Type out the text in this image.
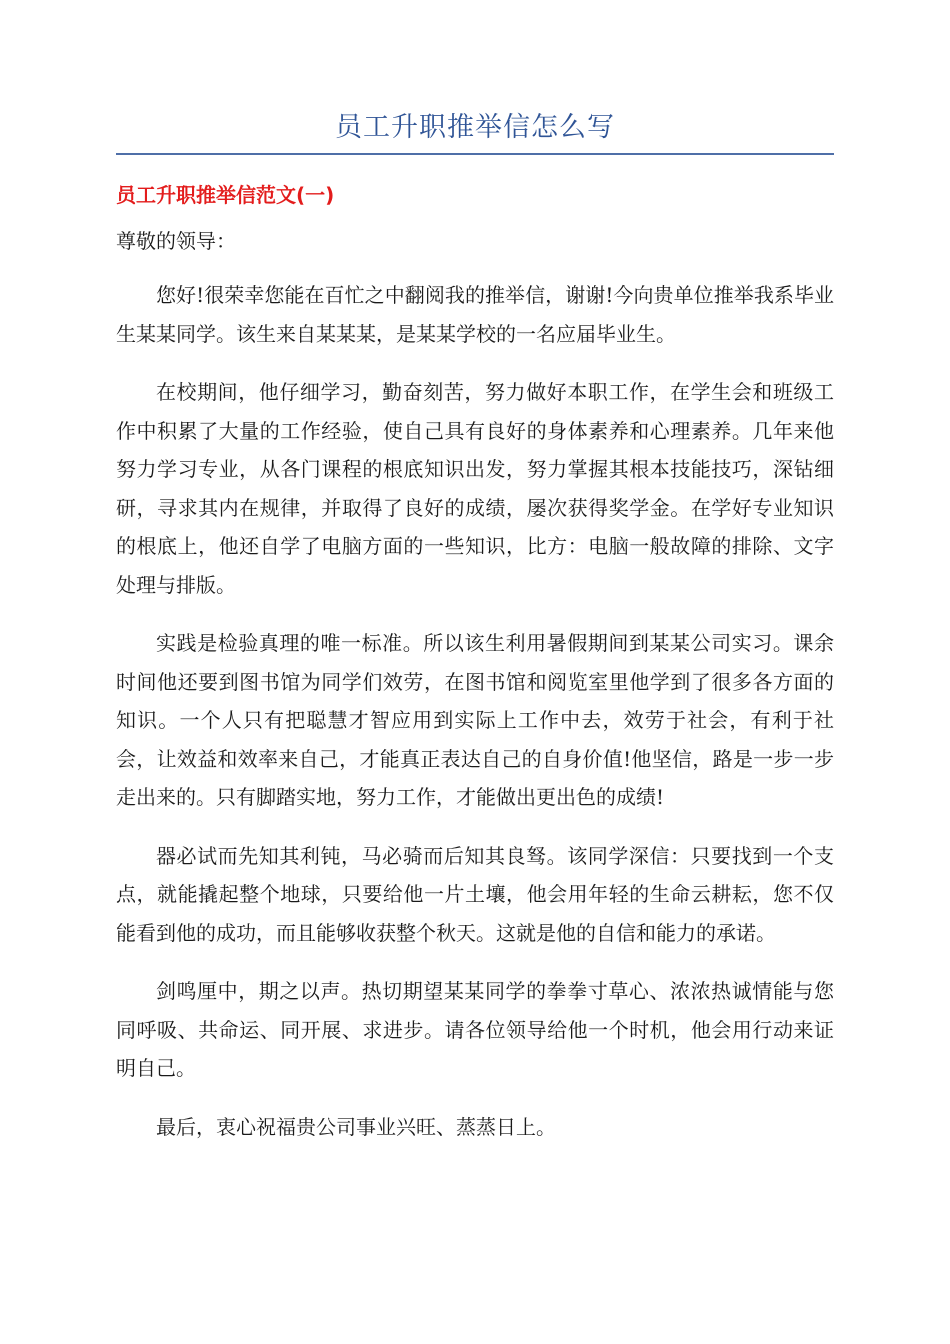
员工升职推举信怎么写
员工升职推举信范文(一)

尊敬的领导：

您好!很荣幸您能在百忙之中翻阅我的推举信，谢谢!今向贵单位推举我系毕业生某某同学。该生来自某某某，是某某学校的一名应届毕业生。

在校期间，他仔细学习，勤奋刻苦，努力做好本职工作，在学生会和班级工作中积累了大量的工作经验，使自己具有良好的身体素养和心理素养。几年来他努力学习专业，从各门课程的根底知识出发，努力掌握其根本技能技巧，深钻细研，寻求其内在规律，并取得了良好的成绩，屡次获得奖学金。在学好专业知识的根底上，他还自学了电脑方面的一些知识，比方：电脑一般故障的排除、文字处理与排版。

实践是检验真理的唯一标准。所以该生利用暑假期间到某某公司实习。课余时间他还要到图书馆为同学们效劳，在图书馆和阅览室里他学到了很多各方面的知识。一个人只有把聪慧才智应用到实际上工作中去，效劳于社会，有利于社会，让效益和效率来自己，才能真正表达自己的自身价值!他坚信，路是一步一步走出来的。只有脚踏实地，努力工作，才能做出更出色的成绩!

器必试而先知其利钝，马必骑而后知其良驽。该同学深信：只要找到一个支点，就能撬起整个地球，只要给他一片土壤，他会用年轻的生命云耕耘，您不仅能看到他的成功，而且能够收获整个秋天。这就是他的自信和能力的承诺。

剑鸣厘中，期之以声。热切期望某某同学的拳拳寸草心、浓浓热诚情能与您同呼吸、共命运、同开展、求进步。请各位领导给他一个时机，他会用行动来证明自己。

最后，衷心祝福贵公司事业兴旺、蒸蒸日上。
